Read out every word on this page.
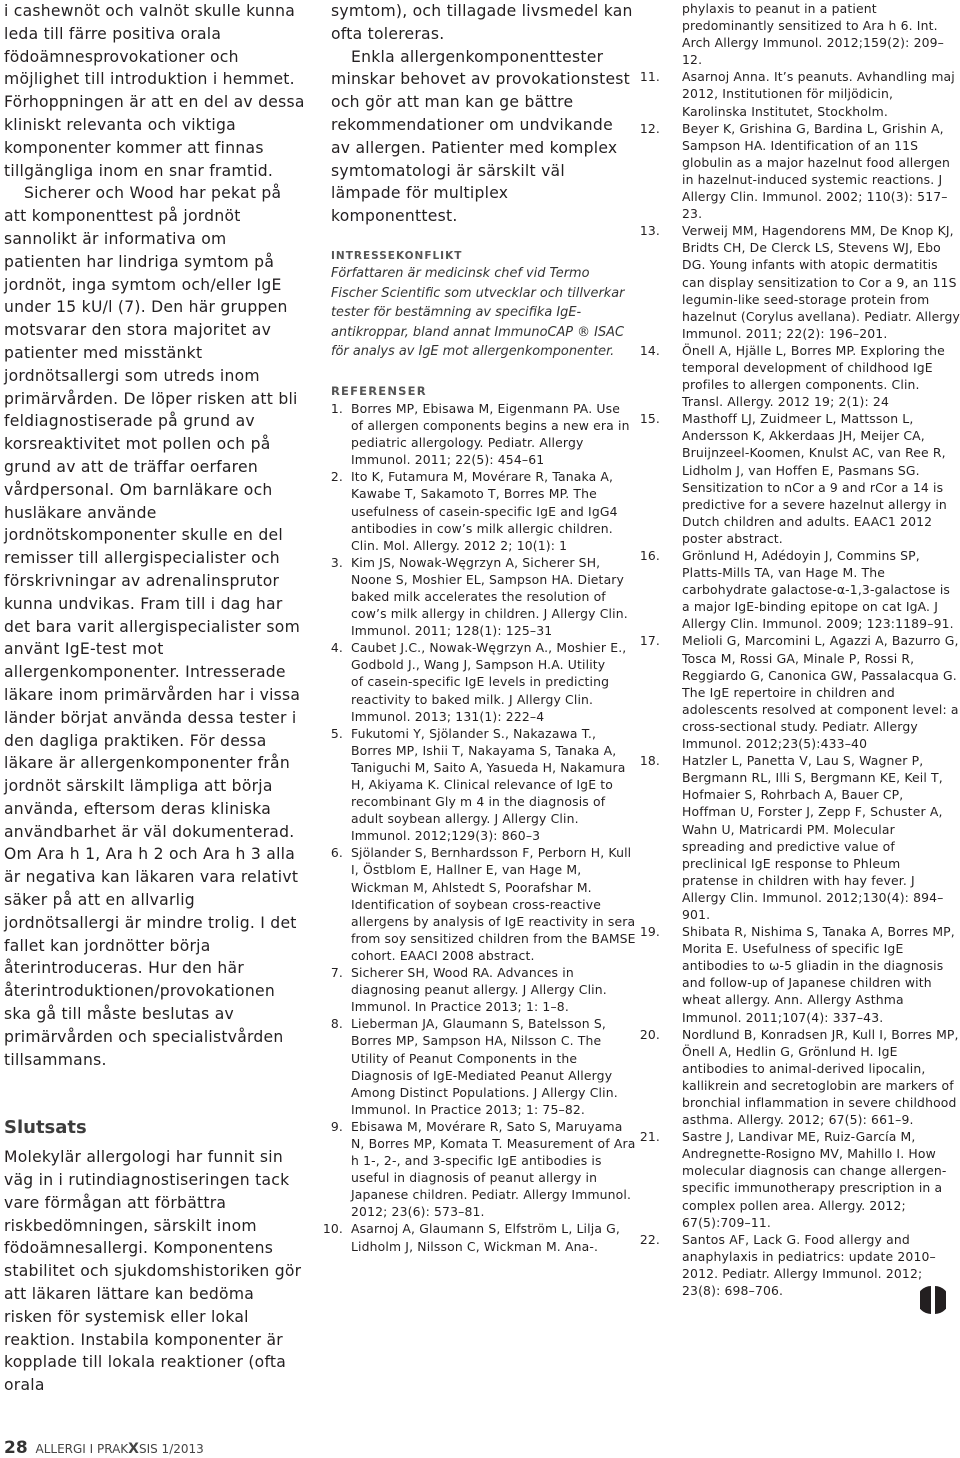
i cashewnöt och valnöt skulle kunna leda till färre positiva orala födoämnesprovokationer och möjlighet till introduktion i hemmet. Förhoppningen är att en del av dessa kliniskt relevanta och viktiga komponenter kommer att finnas tillgängliga inom en snar framtid.

Sicherer och Wood har pekat på att komponenttest på jordnöt sannolikt är informativa om patienten har lindriga symtom på jordnöt, inga symtom och/eller IgE under 15 kU/l (7). Den här gruppen motsvarar den stora majoritet av patienter med misstänkt jordnötsallergi som utreds inom primärvården. De löper risken att bli feldiagnostiserade på grund av korsreaktivitet mot pollen och på grund av att de träffar oerfaren vårdpersonal. Om barnläkare och husläkare använde jordnötskomponenter skulle en del remisser till allergispecialister och förskrivningar av adrenalinsprutor kunna undvikas. Fram till i dag har det bara varit allergispecialister som använt IgE-test mot allergenkomponenter. Intresserade läkare inom primärvården har i vissa länder börjat använda dessa tester i den dagliga praktiken. För dessa läkare är allergenkomponenter från jordnöt särskilt lämpliga att börja använda, eftersom deras kliniska användbarhet är väl dokumenterad. Om Ara h 1, Ara h 2 och Ara h 3 alla är negativa kan läkaren vara relativt säker på att en allvarlig jordnötsallergi är mindre trolig. I det fallet kan jordnötter börja återintroduceras. Hur den här återintroduktionen/provokationen ska gå till måste beslutas av primärvården och specialistvården tillsammans.

Slutsats

Molekylär allergologi har funnit sin väg in i rutindiagnostiseringen tack vare förmågan att förbättra riskbedömningen, särskilt inom födoämnesallergi. Komponentens stabilitet och sjukdomshistoriken gör att läkaren lättare kan bedöma risken för systemisk eller lokal reaktion. Instabila komponenter är kopplade till lokala reaktioner (ofta orala

symtom), och tillagade livsmedel kan ofta tolereras.

Enkla allergenkomponenttester minskar behovet av provokationstest och gör att man kan ge bättre rekommendationer om undvikande av allergen. Patienter med komplex symtomatologi är särskilt väl lämpade för multiplex komponenttest.

INTRESSEKONFLIKT

Författaren är medicinsk chef vid Termo Fischer Scientific som utvecklar och tillverkar tester för bestämning av specifika IgE-antikroppar, bland annat ImmunoCAP ® ISAC för analys av IgE mot allergenkomponenter.

REFERENSER
1. Borres MP, Ebisawa M, Eigenmann PA. Use of allergen components begins a new era in pediatric allergology. Pediatr. Allergy Immunol. 2011; 22(5): 454–61
2. Ito K, Futamura M, Movérare R, Tanaka A, Kawabe T, Sakamoto T, Borres MP. The usefulness of casein-specific IgE and IgG4 antibodies in cow’s milk allergic children. Clin. Mol. Allergy. 2012 2; 10(1): 1
3. Kim JS, Nowak-Węgrzyn A, Sicherer SH, Noone S, Moshier EL, Sampson HA. Dietary baked milk accelerates the resolution of cow’s milk allergy in children. J Allergy Clin. Immunol. 2011; 128(1): 125–31
4. Caubet J.C., Nowak-Węgrzyn A., Moshier E., Godbold J., Wang J, Sampson H.A. Utility
of casein-specific IgE levels in predicting reactivity to baked milk. J Allergy Clin. Immunol. 2013; 131(1): 222–4
5. Fukutomi Y, Sjölander S., Nakazawa T., Borres MP, Ishii T, Nakayama S, Tanaka A, Taniguchi M, Saito A, Yasueda H, Nakamura H, Akiyama K. Clinical relevance of IgE to recombinant Gly m 4 in the diagnosis of adult soybean allergy. J Allergy Clin. Immunol. 2012;129(3): 860–3
6. Sjölander S, Bernhardsson F, Perborn H, Kull I, Östblom E, Hallner E, van Hage M, Wickman M, Ahlstedt S, Poorafshar M. Identification of soybean cross-reactive allergens by analysis of IgE reactivity in sera from soy sensitized children from the BAMSE cohort. EAACI 2008 abstract.
7. Sicherer SH, Wood RA. Advances in diagnosing peanut allergy. J Allergy Clin. Immunol. In Practice 2013; 1: 1–8.
8. Lieberman JA, Glaumann S, Batelsson S, Borres MP, Sampson HA, Nilsson C. The Utility of Peanut Components in the Diagnosis of IgE-Mediated Peanut Allergy Among Distinct Populations. J Allergy Clin. Immunol. In Practice 2013; 1: 75–82.
9. Ebisawa M, Movérare R, Sato S, Maruyama N, Borres MP, Komata T. Measurement of Ara h 1-, 2-, and 3-specific IgE antibodies is useful in diagnosis of peanut allergy in Japanese children. Pediatr. Allergy Immunol. 2012; 23(6): 573–81.
10. Asarnoj A, Glaumann S, Elfström L, Lilja G, Lidholm J, Nilsson C, Wickman M. Ana-.
phylaxis to peanut in a patient predominantly sensitized to Ara h 6. Int. Arch Allergy Immunol. 2012;159(2): 209–12.
11. Asarnoj Anna. It’s peanuts. Avhandling maj 2012, Institutionen för miljödicin, Karolinska Institutet, Stockholm.
12. Beyer K, Grishina G, Bardina L, Grishin A, Sampson HA. Identification of an 11S globulin as a major hazelnut food allergen in hazelnut-induced systemic reactions. J Allergy Clin. Immunol. 2002; 110(3): 517–23.
13. Verweij MM, Hagendorens MM, De Knop KJ, Bridts CH, De Clerck LS, Stevens WJ, Ebo DG. Young infants with atopic dermatitis can display sensitization to Cor a 9, an 11S legumin-like seed-storage protein from hazelnut (Corylus avellana). Pediatr. Allergy Immunol. 2011; 22(2): 196–201.
14. Önell A, Hjälle L, Borres MP. Exploring the temporal development of childhood IgE profiles to allergen components. Clin. Transl. Allergy. 2012 19; 2(1): 24
15. Masthoff LJ, Zuidmeer L, Mattsson L, Andersson K, Akkerdaas JH, Meijer CA, Bruijnzeel-Koomen, Knulst AC, van Ree R, Lidholm J, van Hoffen E, Pasmans SG. Sensitization to nCor a 9 and rCor a 14 is predictive for a severe hazelnut allergy in Dutch children and adults. EAAC1 2012 poster abstract.
16. Grönlund H, Adédoyin J, Commins SP, Platts-Mills TA, van Hage M. The carbohydrate galactose-α-1,3-galactose is a major IgE-binding epitope on cat IgA. J Allergy Clin. Immunol. 2009; 123:1189–91.
17. Melioli G, Marcomini L, Agazzi A, Bazurro G, Tosca M, Rossi GA, Minale P, Rossi R, Reggiardo G, Canonica GW, Passalacqua G. The IgE repertoire in children and adolescents resolved at component level: a cross-sectional study. Pediatr. Allergy Immunol. 2012;23(5):433–40
18. Hatzler L, Panetta V, Lau S, Wagner P, Bergmann RL, Illi S, Bergmann KE, Keil T, Hofmaier S, Rohrbach A, Bauer CP, Hoffman U, Forster J, Zepp F, Schuster A, Wahn U, Matricardi PM. Molecular spreading and predictive value of preclinical IgE response to Phleum pratense in children with hay fever. J Allergy Clin. Immunol. 2012;130(4): 894–901.
19. Shibata R, Nishima S, Tanaka A, Borres MP, Morita E. Usefulness of specific IgE antibodies to ω-5 gliadin in the diagnosis and follow-up of Japanese children with wheat allergy. Ann. Allergy Asthma Immunol. 2011;107(4): 337–43.
20. Nordlund B, Konradsen JR, Kull I, Borres MP, Önell A, Hedlin G, Grönlund H. IgE antibodies to animal-derived lipocalin, kallikrein and secretoglobin are markers of bronchial inflammation in severe childhood asthma. Allergy. 2012; 67(5): 661–9.
21. Sastre J, Landivar ME, Ruiz-García M, Andregnette-Rosigno MV, Mahillo I. How molecular diagnosis can change allergen-specific immunotherapy prescription in a complex pollen area. Allergy. 2012; 67(5):709–11.
22. Santos AF, Lack G. Food allergy and anaphylaxis in pediatrics: update 2010–2012. Pediatr. Allergy Immunol. 2012; 23(8): 698–706.
28 ALLERGI I PRAKXSIS 1/2013
